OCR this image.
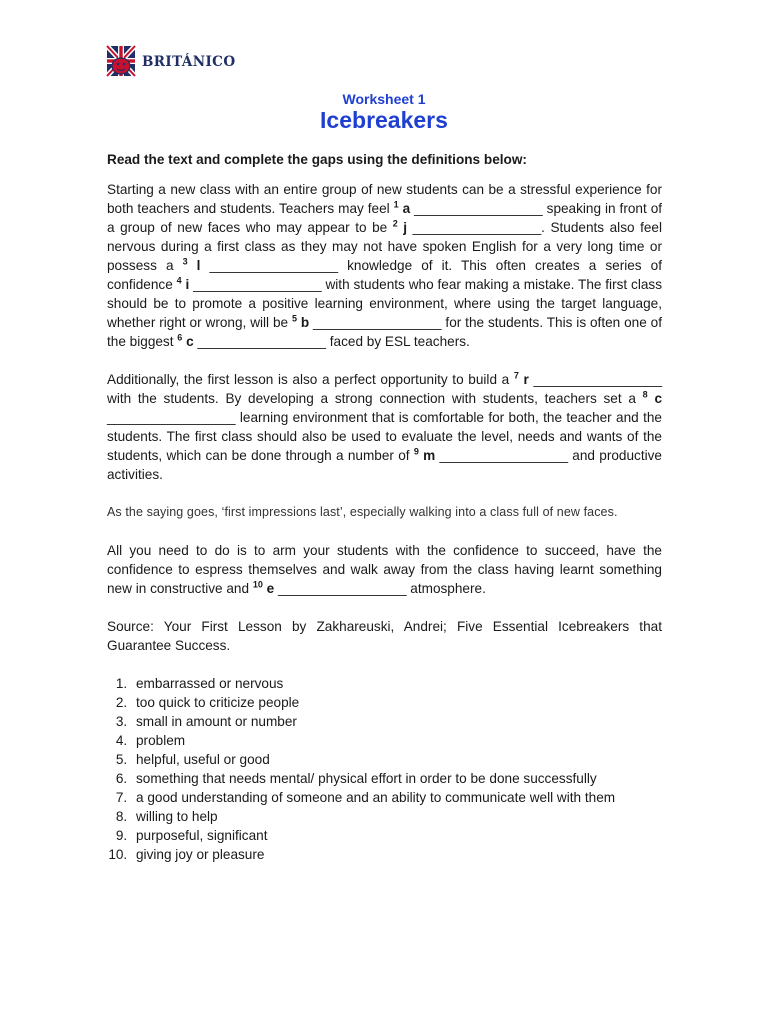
BRITÁNICO
Worksheet 1
Icebreakers

Read the text and complete the gaps using the definitions below:

Starting a new class with an entire group of new students can be a stressful experience for both teachers and students. Teachers may feel $^1$ a _________________ speaking in front of a group of new faces who may appear to be $^2$ j _________________. Students also feel nervous during a first class as they may not have spoken English for a very long time or possess a $^3$ l _________________ knowledge of it. This often creates a series of confidence $^4$ i _________________ with students who fear making a mistake. The first class should be to promote a positive learning environment, where using the target language, whether right or wrong, will be $^5$ b _________________ for the students. This is often one of the biggest $^6$ c _________________ faced by ESL teachers.

Additionally, the first lesson is also a perfect opportunity to build a $^7$ r _________________ with the students. By developing a strong connection with students, teachers set a $^8$ c _________________ learning environment that is comfortable for both, the teacher and the students. The first class should also be used to evaluate the level, needs and wants of the students, which can be done through a number of $^9$ m _________________ and productive activities.

As the saying goes, ‘first impressions last’, especially walking into a class full of new faces.

All you need to do is to arm your students with the confidence to succeed, have the confidence to espress themselves and walk away from the class having learnt something new in constructive and $^{10}$ e _________________ atmosphere.

Source: Your First Lesson by Zakhareuski, Andrei; Five Essential Icebreakers that Guarantee Success.

1. embarrassed or nervous
2. too quick to criticize people
3. small in amount or number
4. problem
5. helpful, useful or good
6. something that needs mental/ physical effort in order to be done successfully
7. a good understanding of someone and an ability to communicate well with them
8. willing to help
9. purposeful, significant
10. giving joy or pleasure
